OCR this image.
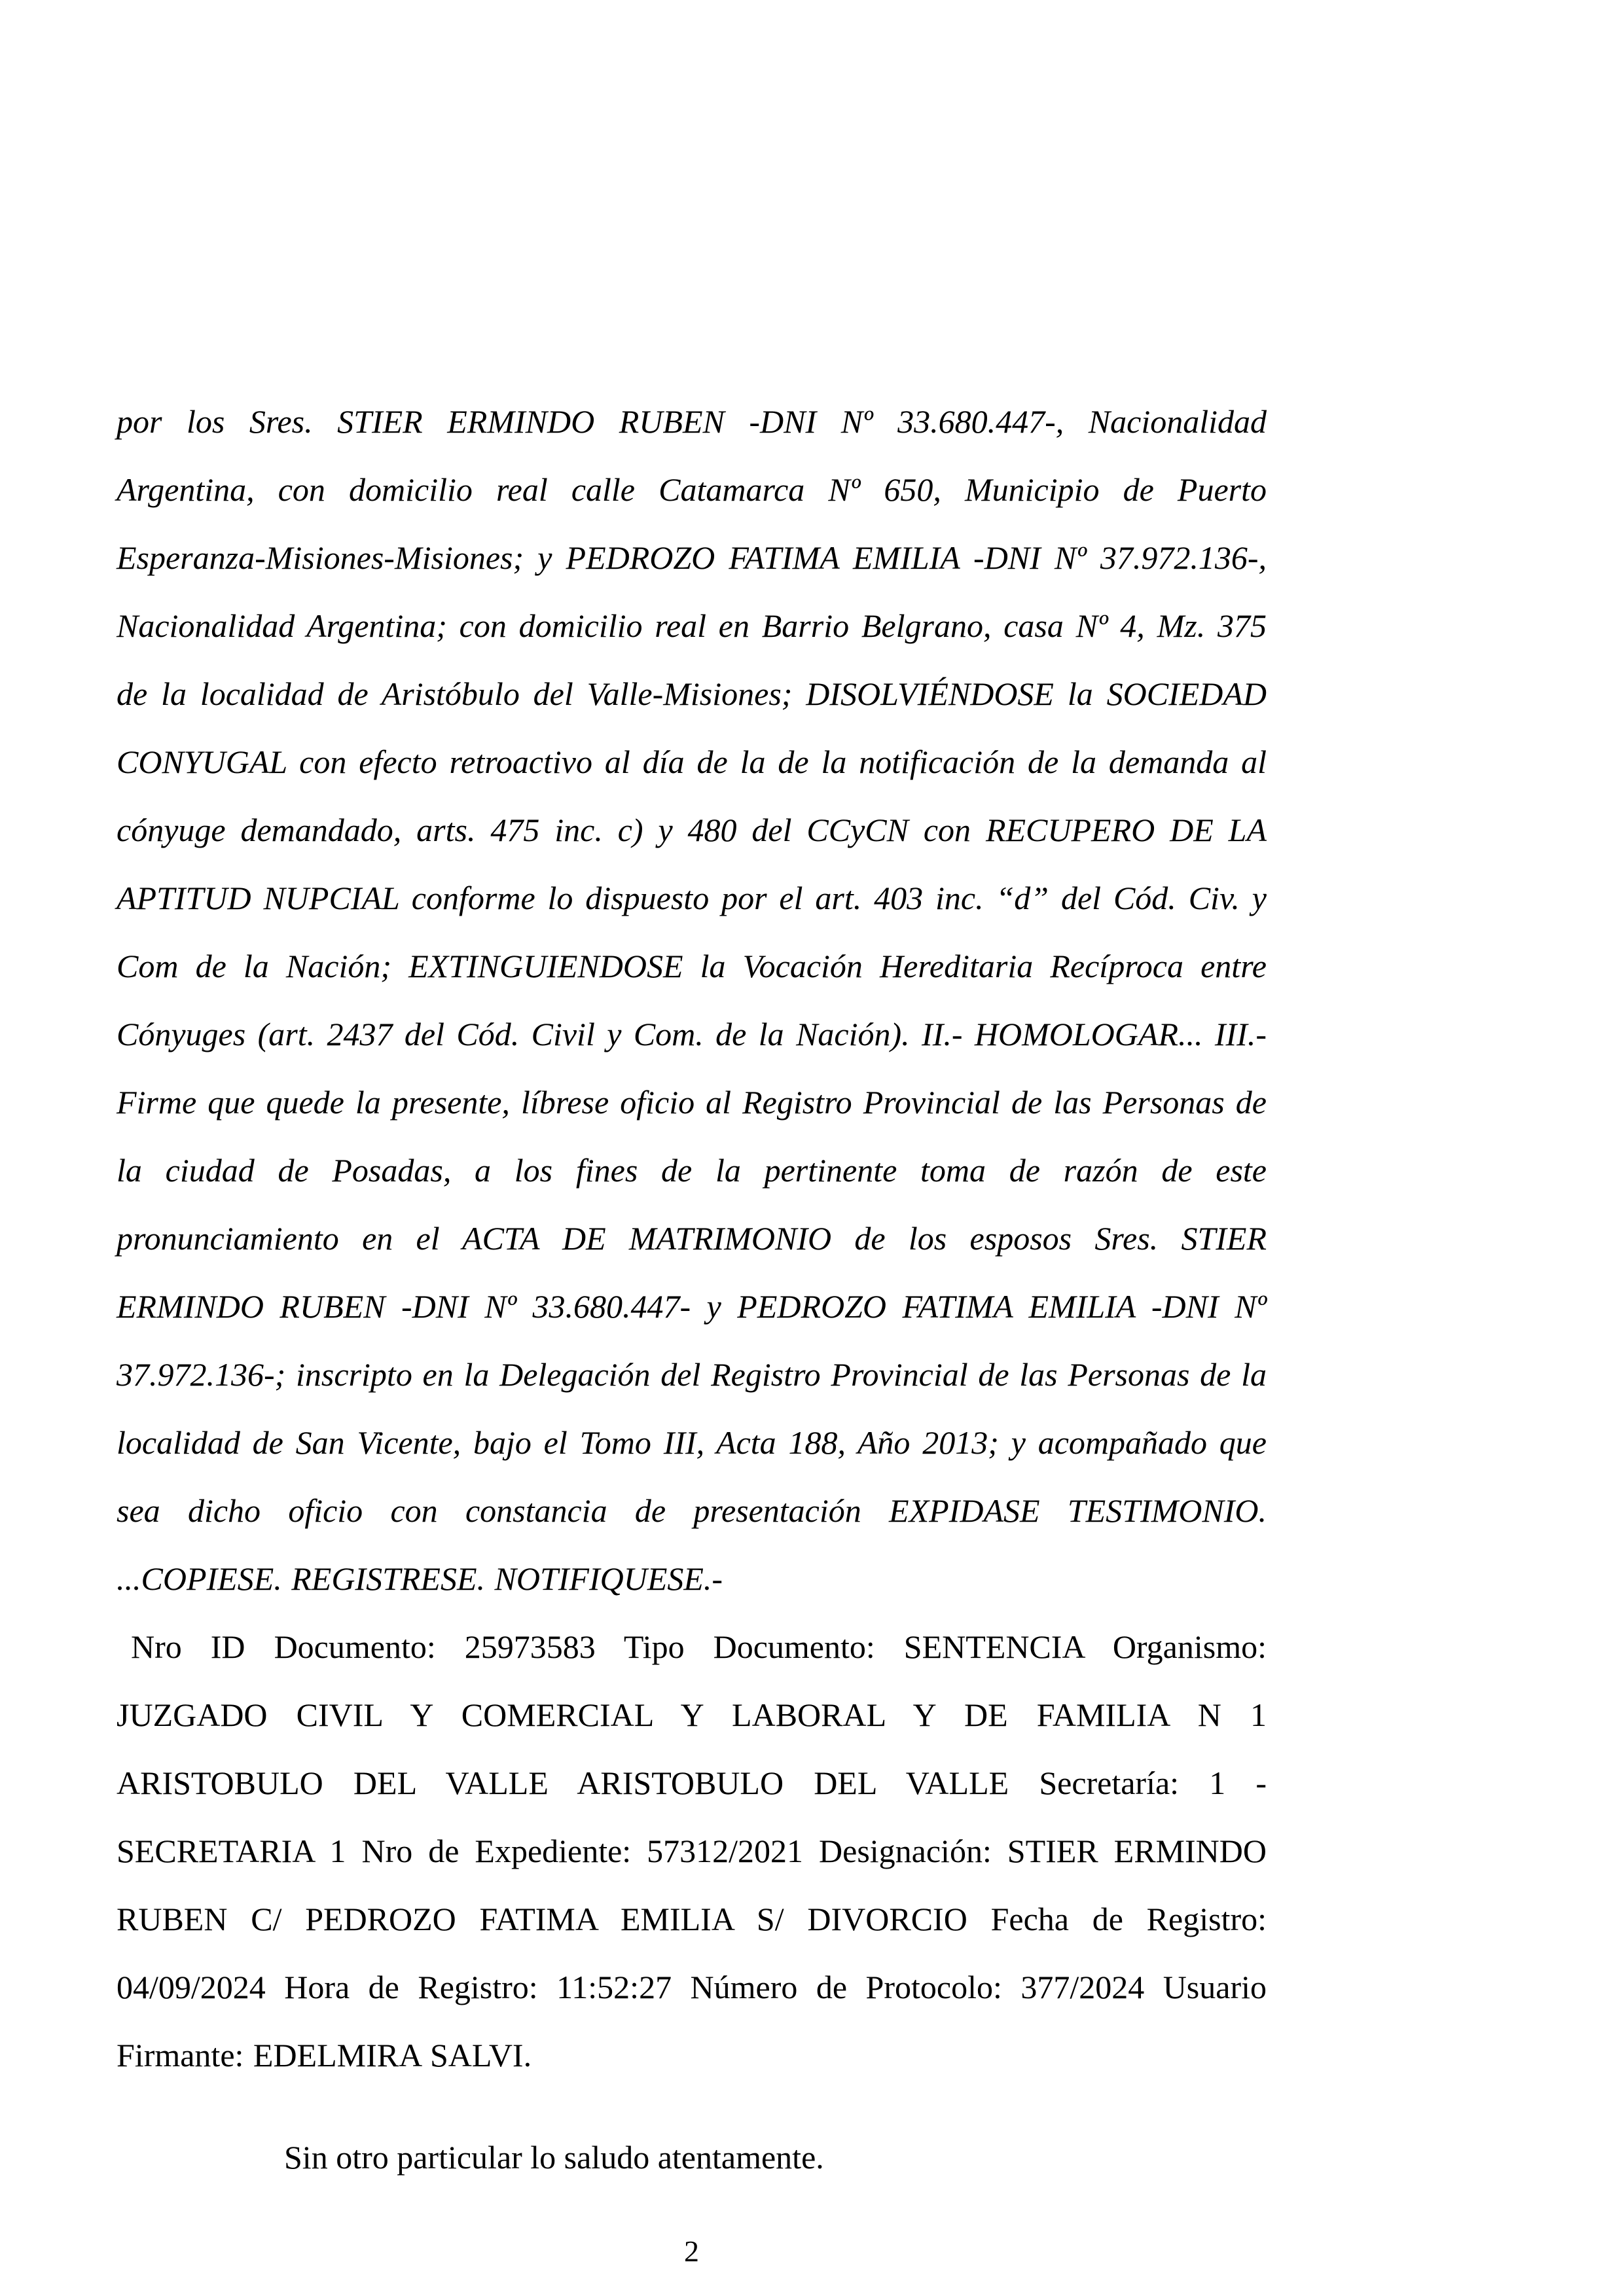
por los Sres. STIER ERMINDO RUBEN -DNI Nº 33.680.447-, Nacionalidad Argentina, con domicilio real calle Catamarca Nº 650, Municipio de Puerto Esperanza-Misiones-Misiones; y PEDROZO FATIMA EMILIA -DNI Nº 37.972.136-, Nacionalidad Argentina; con domicilio real en Barrio Belgrano, casa Nº 4, Mz. 375 de la localidad de Aristóbulo del Valle-Misiones; DISOLVIÉNDOSE la SOCIEDAD CONYUGAL con efecto retroactivo al día de la de la notificación de la demanda al cónyuge demandado, arts. 475 inc. c) y 480 del CCyCN con RECUPERO DE LA APTITUD NUPCIAL conforme lo dispuesto por el art. 403 inc. “d” del Cód. Civ. y Com de la Nación; EXTINGUIENDOSE la Vocación Hereditaria Recíproca entre Cónyuges (art. 2437 del Cód. Civil y Com. de la Nación). II.- HOMOLOGAR... III.- Firme que quede la presente, líbrese oficio al Registro Provincial de las Personas de la ciudad de Posadas, a los fines de la pertinente toma de razón de este pronunciamiento en el ACTA DE MATRIMONIO de los esposos Sres. STIER ERMINDO RUBEN -DNI Nº 33.680.447- y PEDROZO FATIMA EMILIA -DNI Nº 37.972.136-; inscripto en la Delegación del Registro Provincial de las Personas de la localidad de San Vicente, bajo el Tomo III, Acta 188, Año 2013; y acompañado que sea dicho oficio con constancia de presentación EXPIDASE TESTIMONIO. ...COPIESE. REGISTRESE. NOTIFIQUESE.-

Nro ID Documento: 25973583 Tipo Documento: SENTENCIA Organismo: JUZGADO CIVIL Y COMERCIAL Y LABORAL Y DE FAMILIA N 1 ARISTOBULO DEL VALLE ARISTOBULO DEL VALLE Secretaría: 1 - SECRETARIA 1 Nro de Expediente: 57312/2021 Designación: STIER ERMINDO RUBEN C/ PEDROZO FATIMA EMILIA S/ DIVORCIO Fecha de Registro: 04/09/2024 Hora de Registro: 11:52:27 Número de Protocolo: 377/2024 Usuario Firmante: EDELMIRA SALVI.

Sin otro particular lo saludo atentamente.

2
